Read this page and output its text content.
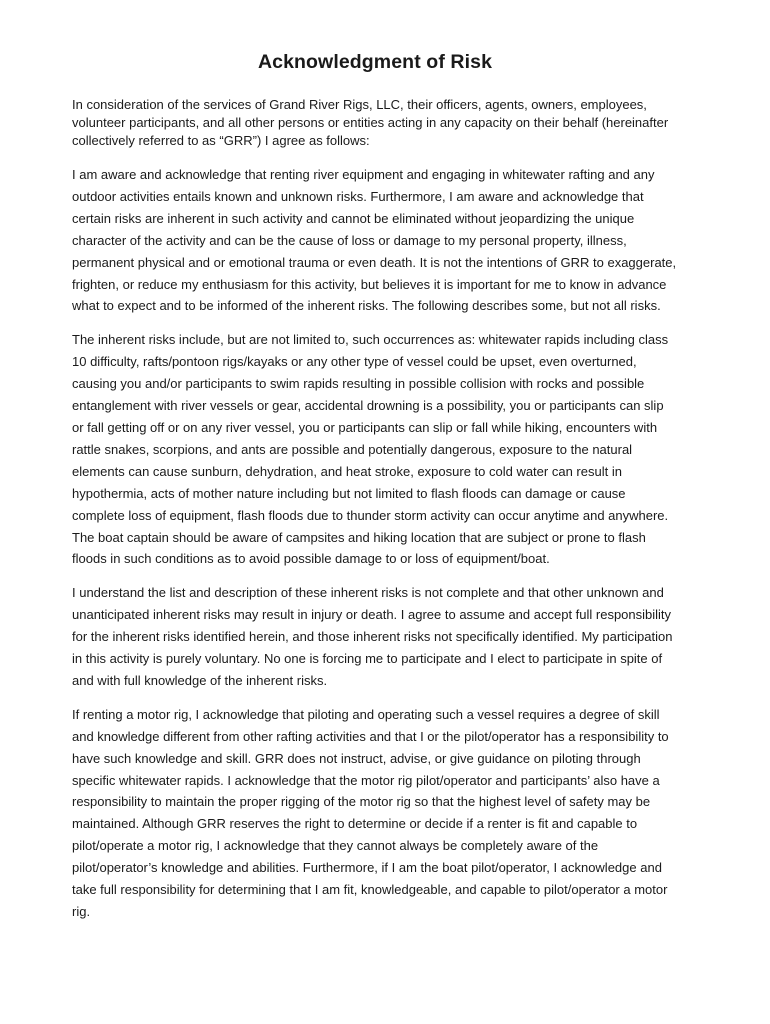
Acknowledgment of Risk

In consideration of the services of Grand River Rigs, LLC, their officers, agents, owners, employees, volunteer participants, and all other persons or entities acting in any capacity on their behalf (hereinafter collectively referred to as “GRR”) I agree as follows:

I am aware and acknowledge that renting river equipment and engaging in whitewater rafting and any outdoor activities entails known and unknown risks. Furthermore, I am aware and acknowledge that certain risks are inherent in such activity and cannot be eliminated without jeopardizing the unique character of the activity and can be the cause of loss or damage to my personal property, illness, permanent physical and or emotional trauma or even death. It is not the intentions of GRR to exaggerate, frighten, or reduce my enthusiasm for this activity, but believes it is important for me to know in advance what to expect and to be informed of the inherent risks. The following describes some, but not all risks.

The inherent risks include, but are not limited to, such occurrences as: whitewater rapids including class 10 difficulty, rafts/pontoon rigs/kayaks or any other type of vessel could be upset, even overturned, causing you and/or participants to swim rapids resulting in possible collision with rocks and possible entanglement with river vessels or gear, accidental drowning is a possibility, you or participants can slip or fall getting off or on any river vessel, you or participants can slip or fall while hiking, encounters with rattle snakes, scorpions, and ants are possible and potentially dangerous, exposure to the natural elements can cause sunburn, dehydration, and heat stroke, exposure to cold water can result in hypothermia, acts of mother nature including but not limited to flash floods can damage or cause complete loss of equipment, flash floods due to thunder storm activity can occur anytime and anywhere. The boat captain should be aware of campsites and hiking location that are subject or prone to flash floods in such conditions as to avoid possible damage to or loss of equipment/boat.

I understand the list and description of these inherent risks is not complete and that other unknown and unanticipated inherent risks may result in injury or death. I agree to assume and accept full responsibility for the inherent risks identified herein, and those inherent risks not specifically identified. My participation in this activity is purely voluntary. No one is forcing me to participate and I elect to participate in spite of and with full knowledge of the inherent risks.

If renting a motor rig, I acknowledge that piloting and operating such a vessel requires a degree of skill and knowledge different from other rafting activities and that I or the pilot/operator has a responsibility to have such knowledge and skill. GRR does not instruct, advise, or give guidance on piloting through specific whitewater rapids. I acknowledge that the motor rig pilot/operator and participants’ also have a responsibility to maintain the proper rigging of the motor rig so that the highest level of safety may be maintained. Although GRR reserves the right to determine or decide if a renter is fit and capable to pilot/operate a motor rig, I acknowledge that they cannot always be completely aware of the pilot/operator’s knowledge and abilities. Furthermore, if I am the boat pilot/operator, I acknowledge and take full responsibility for determining that I am fit, knowledgeable, and capable to pilot/operator a motor rig.
